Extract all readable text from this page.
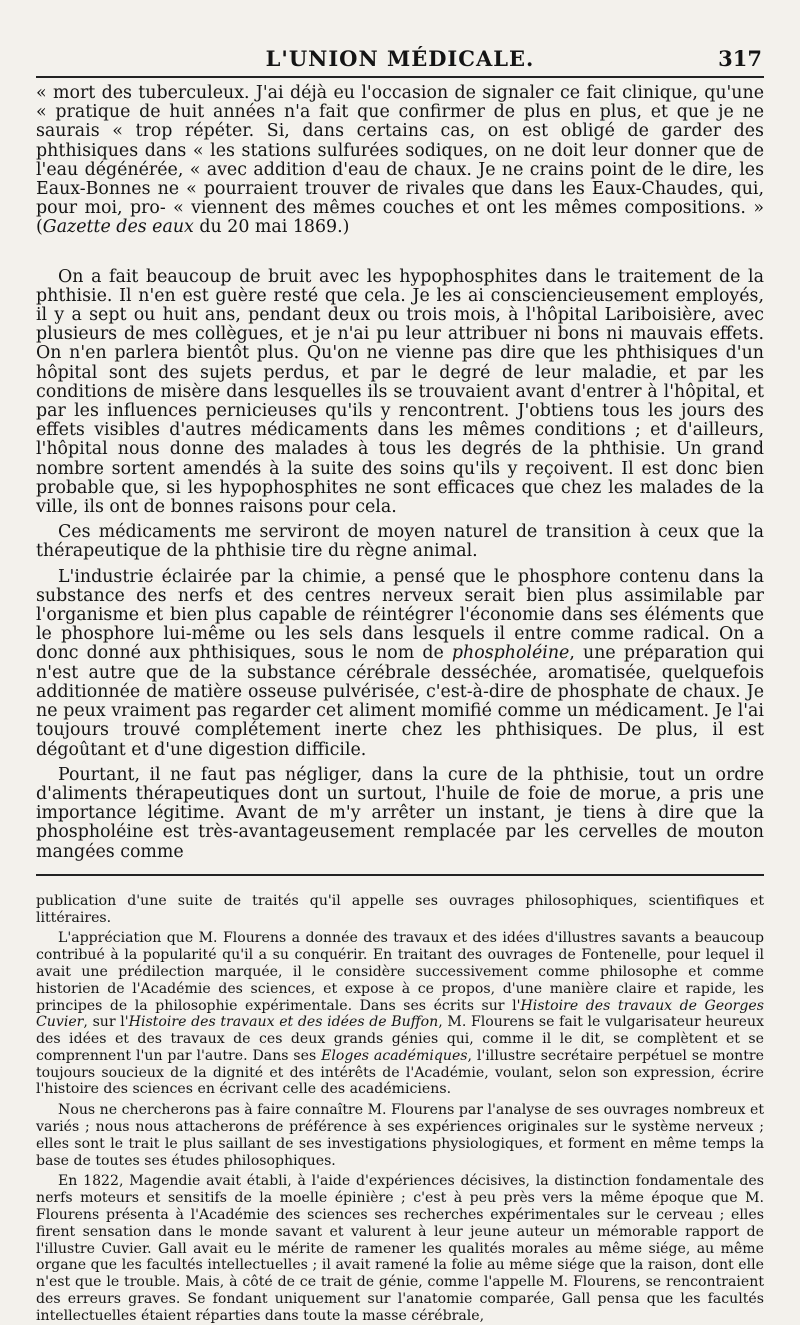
L'UNION MÉDICALE.	317

« mort des tuberculeux. J'ai déjà eu l'occasion de signaler ce fait clinique, qu'une « pratique de huit années n'a fait que confirmer de plus en plus, et que je ne saurais « trop répéter. Si, dans certains cas, on est obligé de garder des phthisiques dans « les stations sulfurées sodiques, on ne doit leur donner que de l'eau dégénérée, « avec addition d'eau de chaux. Je ne crains point de le dire, les Eaux-Bonnes ne « pourraient trouver de rivales que dans les Eaux-Chaudes, qui, pour moi, pro- « viennent des mêmes couches et ont les mêmes compositions. » (Gazette des eaux du 20 mai 1869.)

On a fait beaucoup de bruit avec les hypophosphites dans le traitement de la phthisie. Il n'en est guère resté que cela. Je les ai consciencieusement employés, il y a sept ou huit ans, pendant deux ou trois mois, à l'hôpital Lariboisière, avec plusieurs de mes collègues, et je n'ai pu leur attribuer ni bons ni mauvais effets. On n'en parlera bientôt plus. Qu'on ne vienne pas dire que les phthisiques d'un hôpital sont des sujets perdus, et par le degré de leur maladie, et par les conditions de misère dans lesquelles ils se trouvaient avant d'entrer à l'hôpital, et par les influences pernicieuses qu'ils y rencontrent. J'obtiens tous les jours des effets visibles d'autres médicaments dans les mêmes conditions ; et d'ailleurs, l'hôpital nous donne des malades à tous les degrés de la phthisie. Un grand nombre sortent amendés à la suite des soins qu'ils y reçoivent. Il est donc bien probable que, si les hypophosphites ne sont efficaces que chez les malades de la ville, ils ont de bonnes raisons pour cela.

Ces médicaments me serviront de moyen naturel de transition à ceux que la thérapeutique de la phthisie tire du règne animal.

L'industrie éclairée par la chimie, a pensé que le phosphore contenu dans la substance des nerfs et des centres nerveux serait bien plus assimilable par l'organisme et bien plus capable de réintégrer l'économie dans ses éléments que le phosphore lui-même ou les sels dans lesquels il entre comme radical. On a donc donné aux phthisiques, sous le nom de phospholéine, une préparation qui n'est autre que de la substance cérébrale desséchée, aromatisée, quelquefois additionnée de matière osseuse pulvérisée, c'est-à-dire de phosphate de chaux. Je ne peux vraiment pas regarder cet aliment momifié comme un médicament. Je l'ai toujours trouvé complétement inerte chez les phthisiques. De plus, il est dégoûtant et d'une digestion difficile.

Pourtant, il ne faut pas négliger, dans la cure de la phthisie, tout un ordre d'aliments thérapeutiques dont un surtout, l'huile de foie de morue, a pris une importance légitime. Avant de m'y arrêter un instant, je tiens à dire que la phospholéine est très-avantageusement remplacée par les cervelles de mouton mangées comme

publication d'une suite de traités qu'il appelle ses ouvrages philosophiques, scientifiques et littéraires.

L'appréciation que M. Flourens a donnée des travaux et des idées d'illustres savants a beaucoup contribué à la popularité qu'il a su conquérir. En traitant des ouvrages de Fontenelle, pour lequel il avait une prédilection marquée, il le considère successivement comme philosophe et comme historien de l'Académie des sciences, et expose à ce propos, d'une manière claire et rapide, les principes de la philosophie expérimentale. Dans ses écrits sur l'Histoire des travaux de Georges Cuvier, sur l'Histoire des travaux et des idées de Buffon, M. Flourens se fait le vulgarisateur heureux des idées et des travaux de ces deux grands génies qui, comme il le dit, se complètent et se comprennent l'un par l'autre. Dans ses Eloges académiques, l'illustre secrétaire perpétuel se montre toujours soucieux de la dignité et des intérêts de l'Académie, voulant, selon son expression, écrire l'histoire des sciences en écrivant celle des académiciens.

Nous ne chercherons pas à faire connaître M. Flourens par l'analyse de ses ouvrages nombreux et variés ; nous nous attacherons de préférence à ses expériences originales sur le système nerveux ; elles sont le trait le plus saillant de ses investigations physiologiques, et forment en même temps la base de toutes ses études philosophiques.

En 1822, Magendie avait établi, à l'aide d'expériences décisives, la distinction fondamentale des nerfs moteurs et sensitifs de la moelle épinière ; c'est à peu près vers la même époque que M. Flourens présenta à l'Académie des sciences ses recherches expérimentales sur le cerveau ; elles firent sensation dans le monde savant et valurent à leur jeune auteur un mémorable rapport de l'illustre Cuvier. Gall avait eu le mérite de ramener les qualités morales au même siége, au même organe que les facultés intellectuelles ; il avait ramené la folie au même siége que la raison, dont elle n'est que le trouble. Mais, à côté de ce trait de génie, comme l'appelle M. Flourens, se rencontraient des erreurs graves. Se fondant uniquement sur l'anatomie comparée, Gall pensa que les facultés intellectuelles étaient réparties dans toute la masse cérébrale,
